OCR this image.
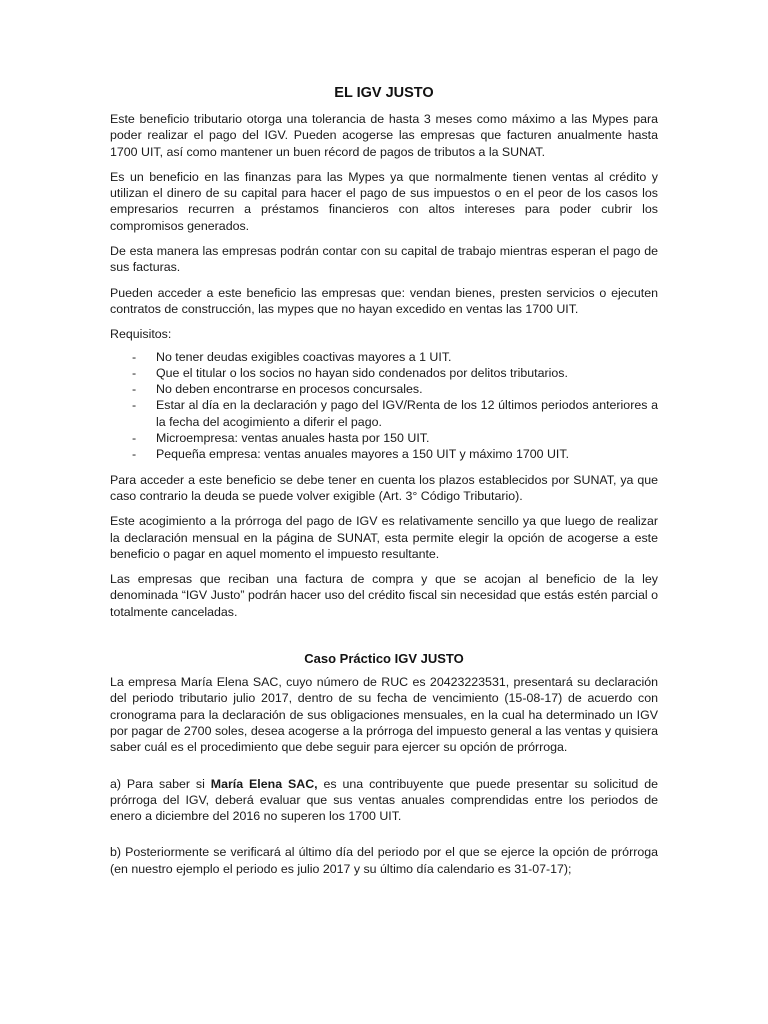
EL IGV JUSTO

Este beneficio tributario otorga una tolerancia de hasta 3 meses como máximo a las Mypes para poder realizar el pago del IGV. Pueden acogerse las empresas que facturen anualmente hasta 1700 UIT, así como mantener un buen récord de pagos de tributos a la SUNAT.

Es un beneficio en las finanzas para las Mypes ya que normalmente tienen ventas al crédito y utilizan el dinero de su capital para hacer el pago de sus impuestos o en el peor de los casos los empresarios recurren a préstamos financieros con altos intereses para poder cubrir los compromisos generados.

De esta manera las empresas podrán contar con su capital de trabajo mientras esperan el pago de sus facturas.

Pueden acceder a este beneficio las empresas que: vendan bienes, presten servicios o ejecuten contratos de construcción, las mypes que no hayan excedido en ventas las 1700 UIT.

Requisitos:

- No tener deudas exigibles coactivas mayores a 1 UIT.
- Que el titular o los socios no hayan sido condenados por delitos tributarios.
- No deben encontrarse en procesos concursales.
- Estar al día en la declaración y pago del IGV/Renta de los 12 últimos periodos anteriores a la fecha del acogimiento a diferir el pago.
- Microempresa: ventas anuales hasta por 150 UIT.
- Pequeña empresa: ventas anuales mayores a 150 UIT y máximo 1700 UIT.

Para acceder a este beneficio se debe tener en cuenta los plazos establecidos por SUNAT, ya que caso contrario la deuda se puede volver exigible (Art. 3° Código Tributario).

Este acogimiento a la prórroga del pago de IGV es relativamente sencillo ya que luego de realizar la declaración mensual en la página de SUNAT, esta permite elegir la opción de acogerse a este beneficio o pagar en aquel momento el impuesto resultante.

Las empresas que reciban una factura de compra y que se acojan al beneficio de la ley denominada “IGV Justo” podrán hacer uso del crédito fiscal sin necesidad que estás estén parcial o totalmente canceladas.

Caso Práctico IGV JUSTO

La empresa María Elena SAC, cuyo número de RUC es 20423223531, presentará su declaración del periodo tributario julio 2017, dentro de su fecha de vencimiento (15-08-17) de acuerdo con cronograma para la declaración de sus obligaciones mensuales, en la cual ha determinado un IGV por pagar de 2700 soles, desea acogerse a la prórroga del impuesto general a las ventas y quisiera saber cuál es el procedimiento que debe seguir para ejercer su opción de prórroga.

a) Para saber si María Elena SAC, es una contribuyente que puede presentar su solicitud de prórroga del IGV, deberá evaluar que sus ventas anuales comprendidas entre los periodos de enero a diciembre del 2016 no superen los 1700 UIT.

b) Posteriormente se verificará al último día del periodo por el que se ejerce la opción de prórroga (en nuestro ejemplo el periodo es julio 2017 y su último día calendario es 31-07-17);
